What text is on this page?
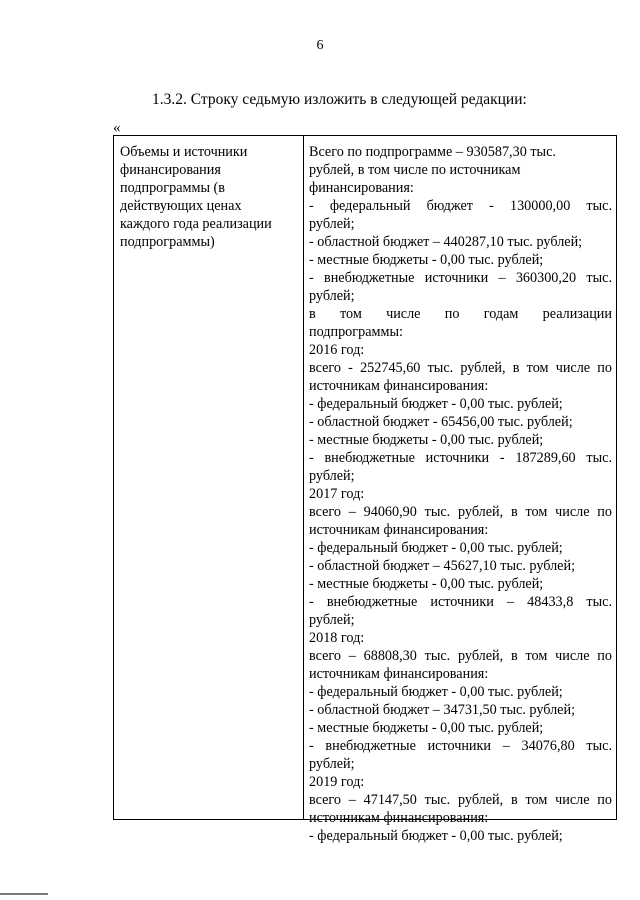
6
1.3.2. Строку седьмую изложить в следующей редакции:
«
Объемы и источники
финансирования
подпрограммы (в
действующих ценах
каждого года реализации
подпрограммы)
Всего по подпрограмме – 930587,30 тыс.
рублей, в том числе по источникам
финансирования:
- федеральный бюджет - 130000,00 тыс.
рублей;
- областной бюджет – 440287,10 тыс. рублей;
- местные бюджеты - 0,00 тыс. рублей;
- внебюджетные источники – 360300,20 тыс.
рублей;
в том числе по годам реализации
подпрограммы:
2016 год:
всего - 252745,60 тыс. рублей, в том числе по
источникам финансирования:
- федеральный бюджет - 0,00 тыс. рублей;
- областной бюджет - 65456,00 тыс. рублей;
- местные бюджеты - 0,00 тыс. рублей;
- внебюджетные источники - 187289,60 тыс.
рублей;
2017 год:
всего – 94060,90 тыс. рублей, в том числе по
источникам финансирования:
- федеральный бюджет - 0,00 тыс. рублей;
- областной бюджет – 45627,10 тыс. рублей;
- местные бюджеты - 0,00 тыс. рублей;
- внебюджетные источники – 48433,8 тыс.
рублей;
2018 год:
всего – 68808,30 тыс. рублей, в том числе по
источникам финансирования:
- федеральный бюджет - 0,00 тыс. рублей;
- областной бюджет – 34731,50 тыс. рублей;
- местные бюджеты - 0,00 тыс. рублей;
- внебюджетные источники – 34076,80 тыс.
рублей;
2019 год:
всего – 47147,50 тыс. рублей, в том числе по
источникам финансирования:
- федеральный бюджет - 0,00 тыс. рублей;
